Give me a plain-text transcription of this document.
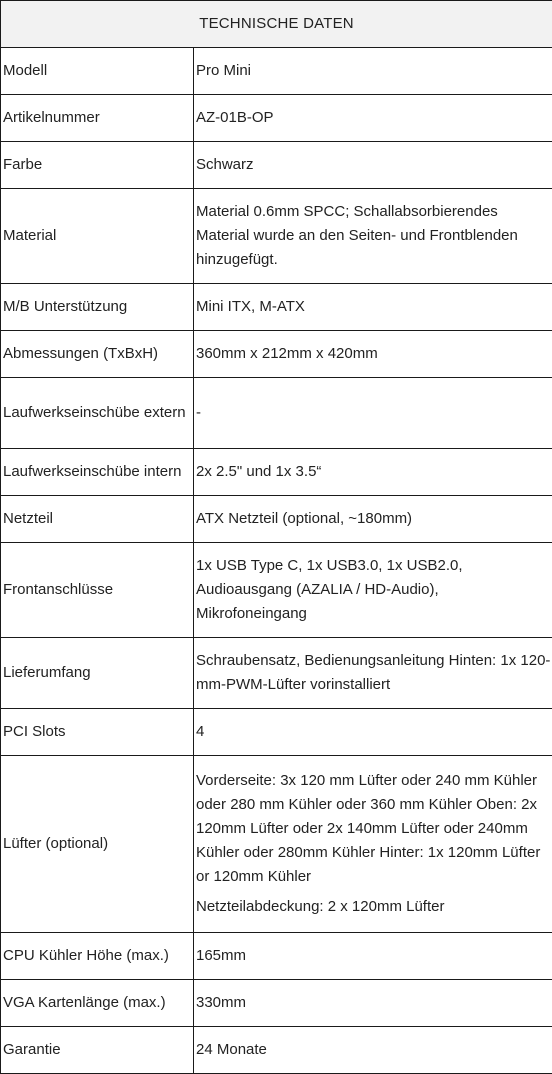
TECHNISCHE DATEN	
Modell	Pro Mini
Artikelnummer	AZ-01B-OP
Farbe	Schwarz
Material	Material 0.6mm SPCC; Schallabsorbierendes Material wurde an den Seiten- und Frontblenden hinzugefügt.
M/B Unterstützung	Mini ITX, M-ATX
Abmessungen (TxBxH)	360mm x 212mm x 420mm
Laufwerkseinschübe extern	-
Laufwerkseinschübe intern	2x 2.5" und 1x 3.5“
Netzteil	ATX Netzteil (optional, ~180mm)
Frontanschlüsse	1x USB Type C, 1x USB3.0, 1x USB2.0, Audioausgang (AZALIA / HD-Audio), Mikrofoneingang
Lieferumfang	Schraubensatz, Bedienungsanleitung Hinten: 1x 120-mm-PWM-Lüfter vorinstalliert
PCI Slots	4
Lüfter (optional)	Vorderseite: 3x 120 mm Lüfter oder 240 mm Kühler oder 280 mm Kühler oder 360 mm Kühler Oben: 2x 120mm Lüfter oder 2x 140mm Lüfter oder 240mm Kühler oder 280mm Kühler Hinter: 1x 120mm Lüfter or 120mm Kühler
Netzteilabdeckung: 2 x 120mm Lüfter

CPU Kühler Höhe (max.)	165mm
VGA Kartenlänge (max.)	330mm
Garantie	24 Monate
